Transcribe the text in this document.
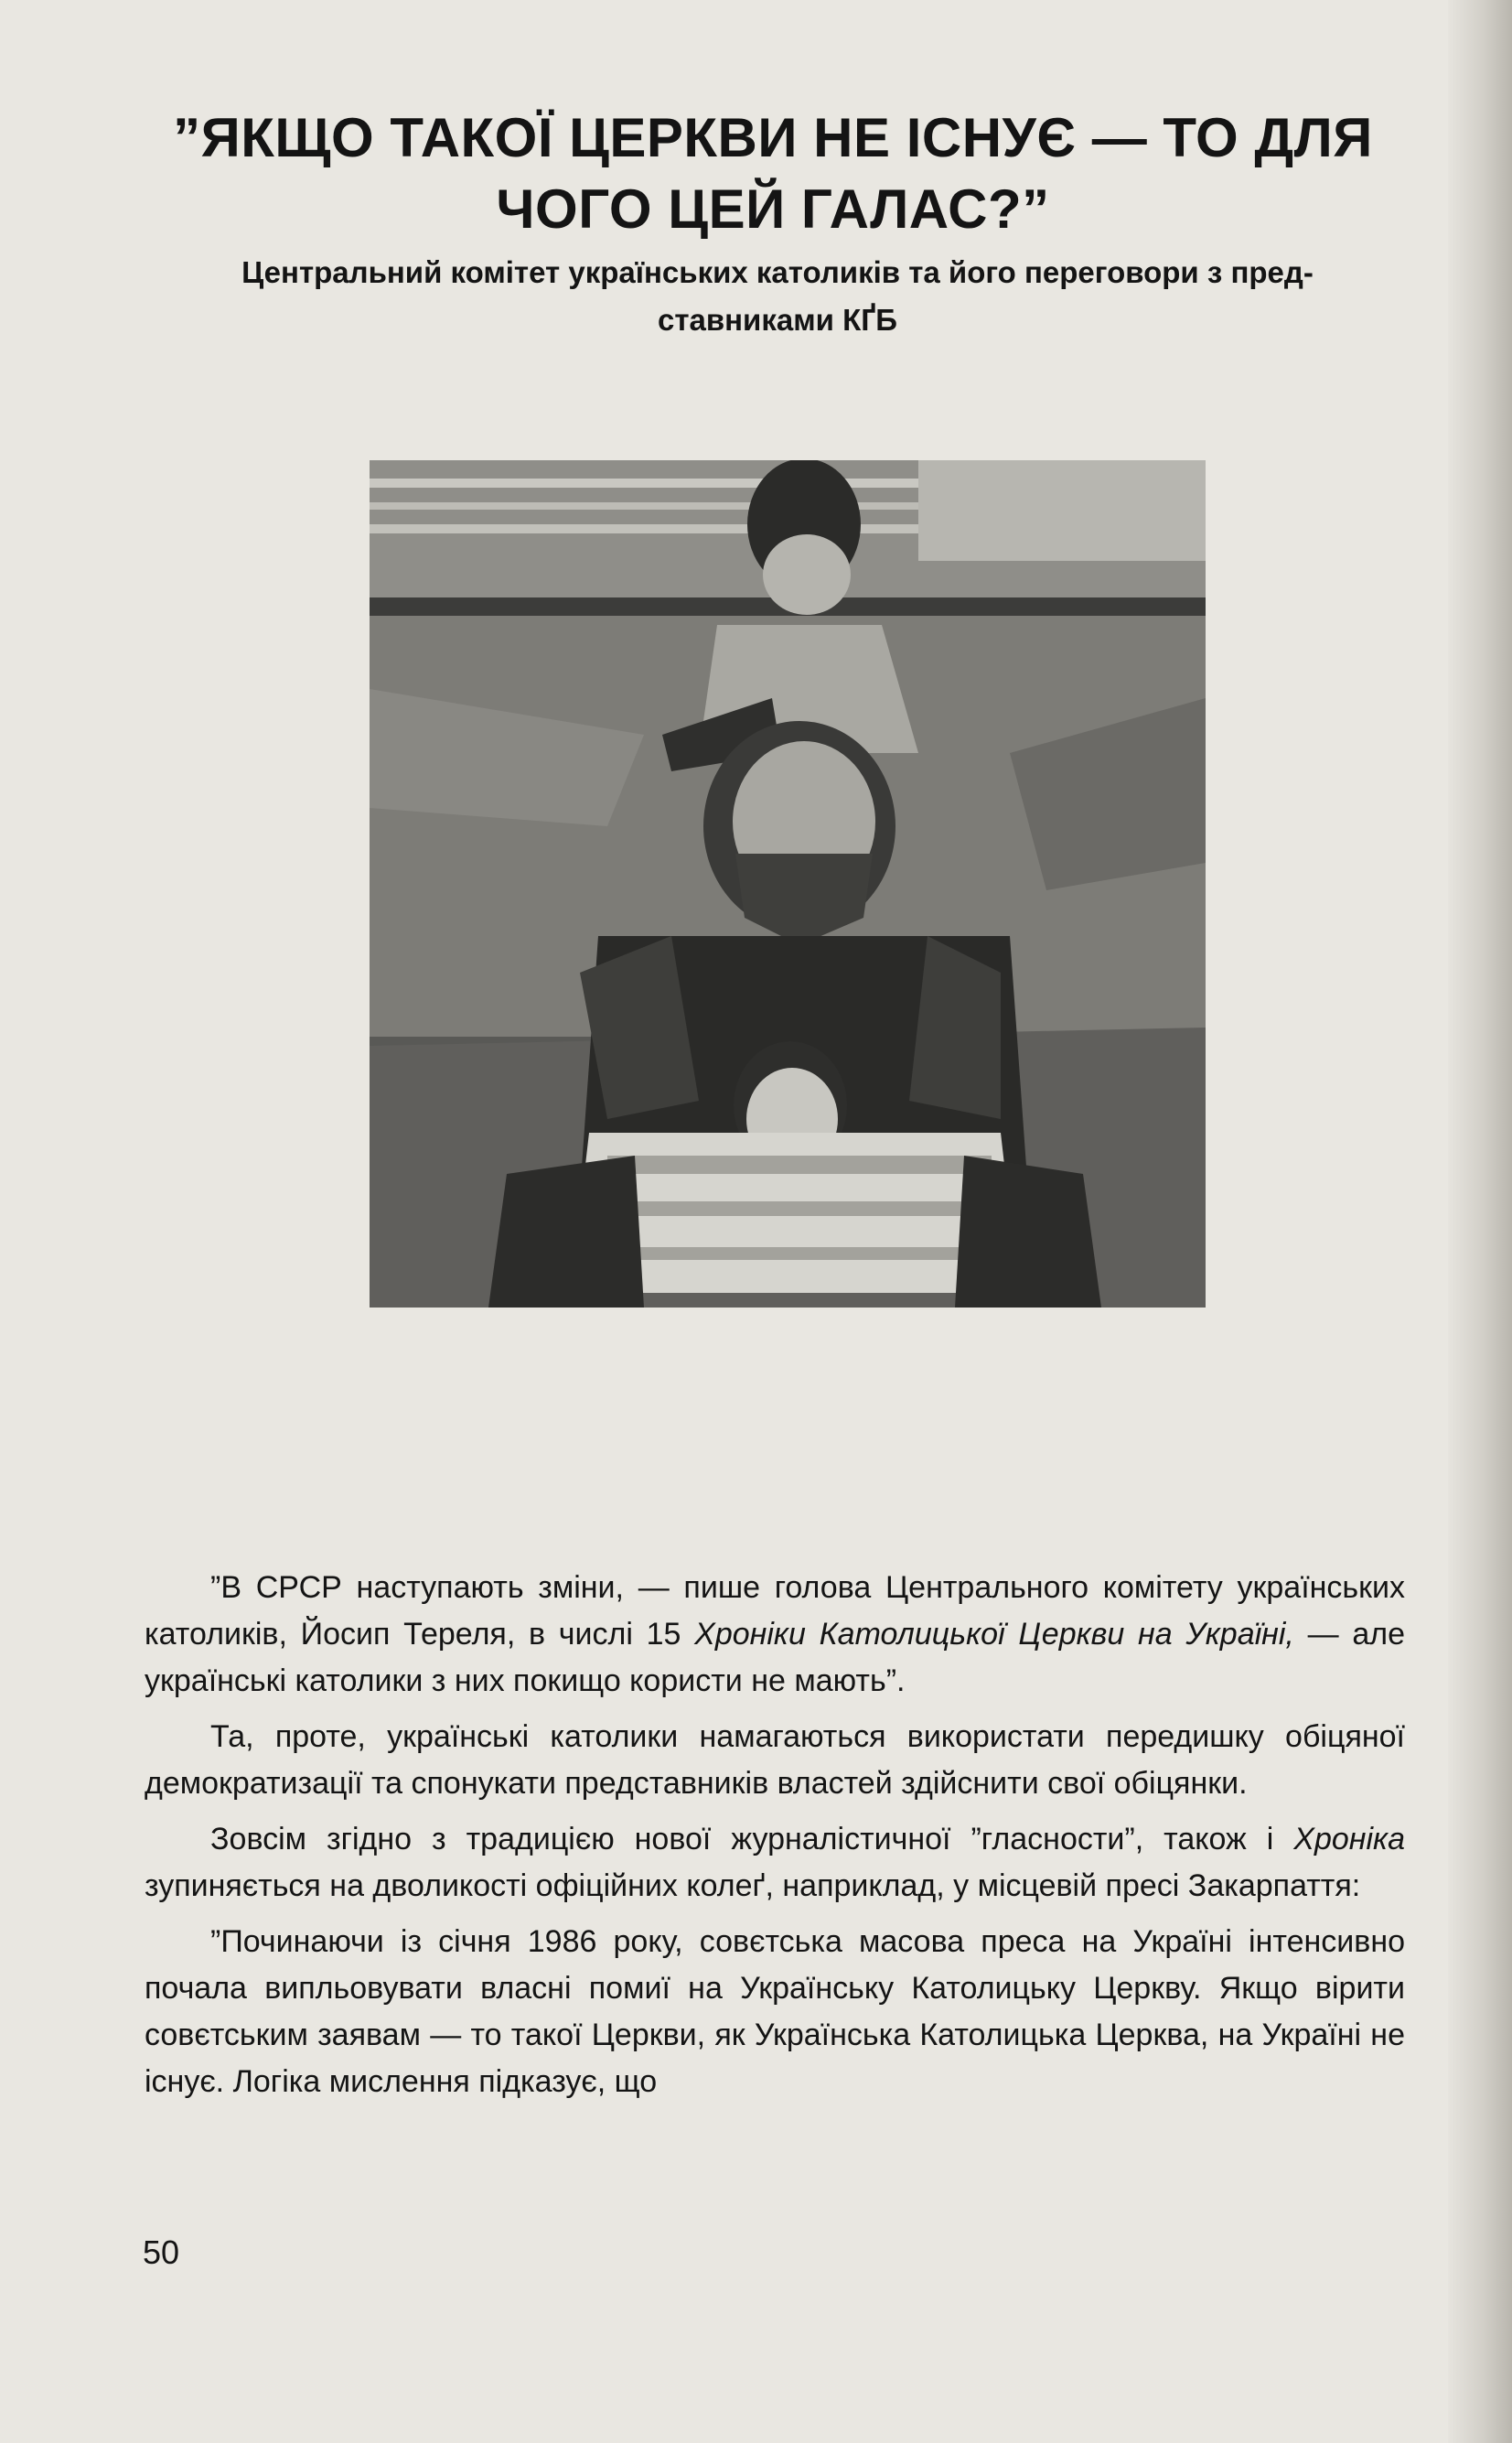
”ЯКЩО ТАКОЇ ЦЕРКВИ НЕ ІСНУЄ — ТО ДЛЯ
ЧОГО ЦЕЙ ГАЛАС?”
Центральний комітет українських католиків та його переговори з пред-
ставниками КҐБ

”В СРСР наступають зміни, — пише голова Центрального комітету українських католиків, Йосип Тереля, в числі 15 Хроніки Католицької Церкви на Україні, — але українські католики з них покищо користи не мають”.

Та, проте, українські католики намагаються використати передишку обіцяної демократизації та спонукати представників властей здійснити свої обіцянки.

Зовсім згідно з традицією нової журналістичної ”гласности”, також і Хроніка зупиняється на дволикості офіційних колеґ, наприклад, у місцевій пресі Закарпаття:

”Починаючи із січня 1986 року, совєтська масова преса на Україні інтенсивно почала випльовувати власні помиї на Українську Католицьку Церкву. Якщо вірити совєтським заявам — то такої Церкви, як Українська Католицька Церква, на Україні не існує. Логіка мислення підказує, що

50
